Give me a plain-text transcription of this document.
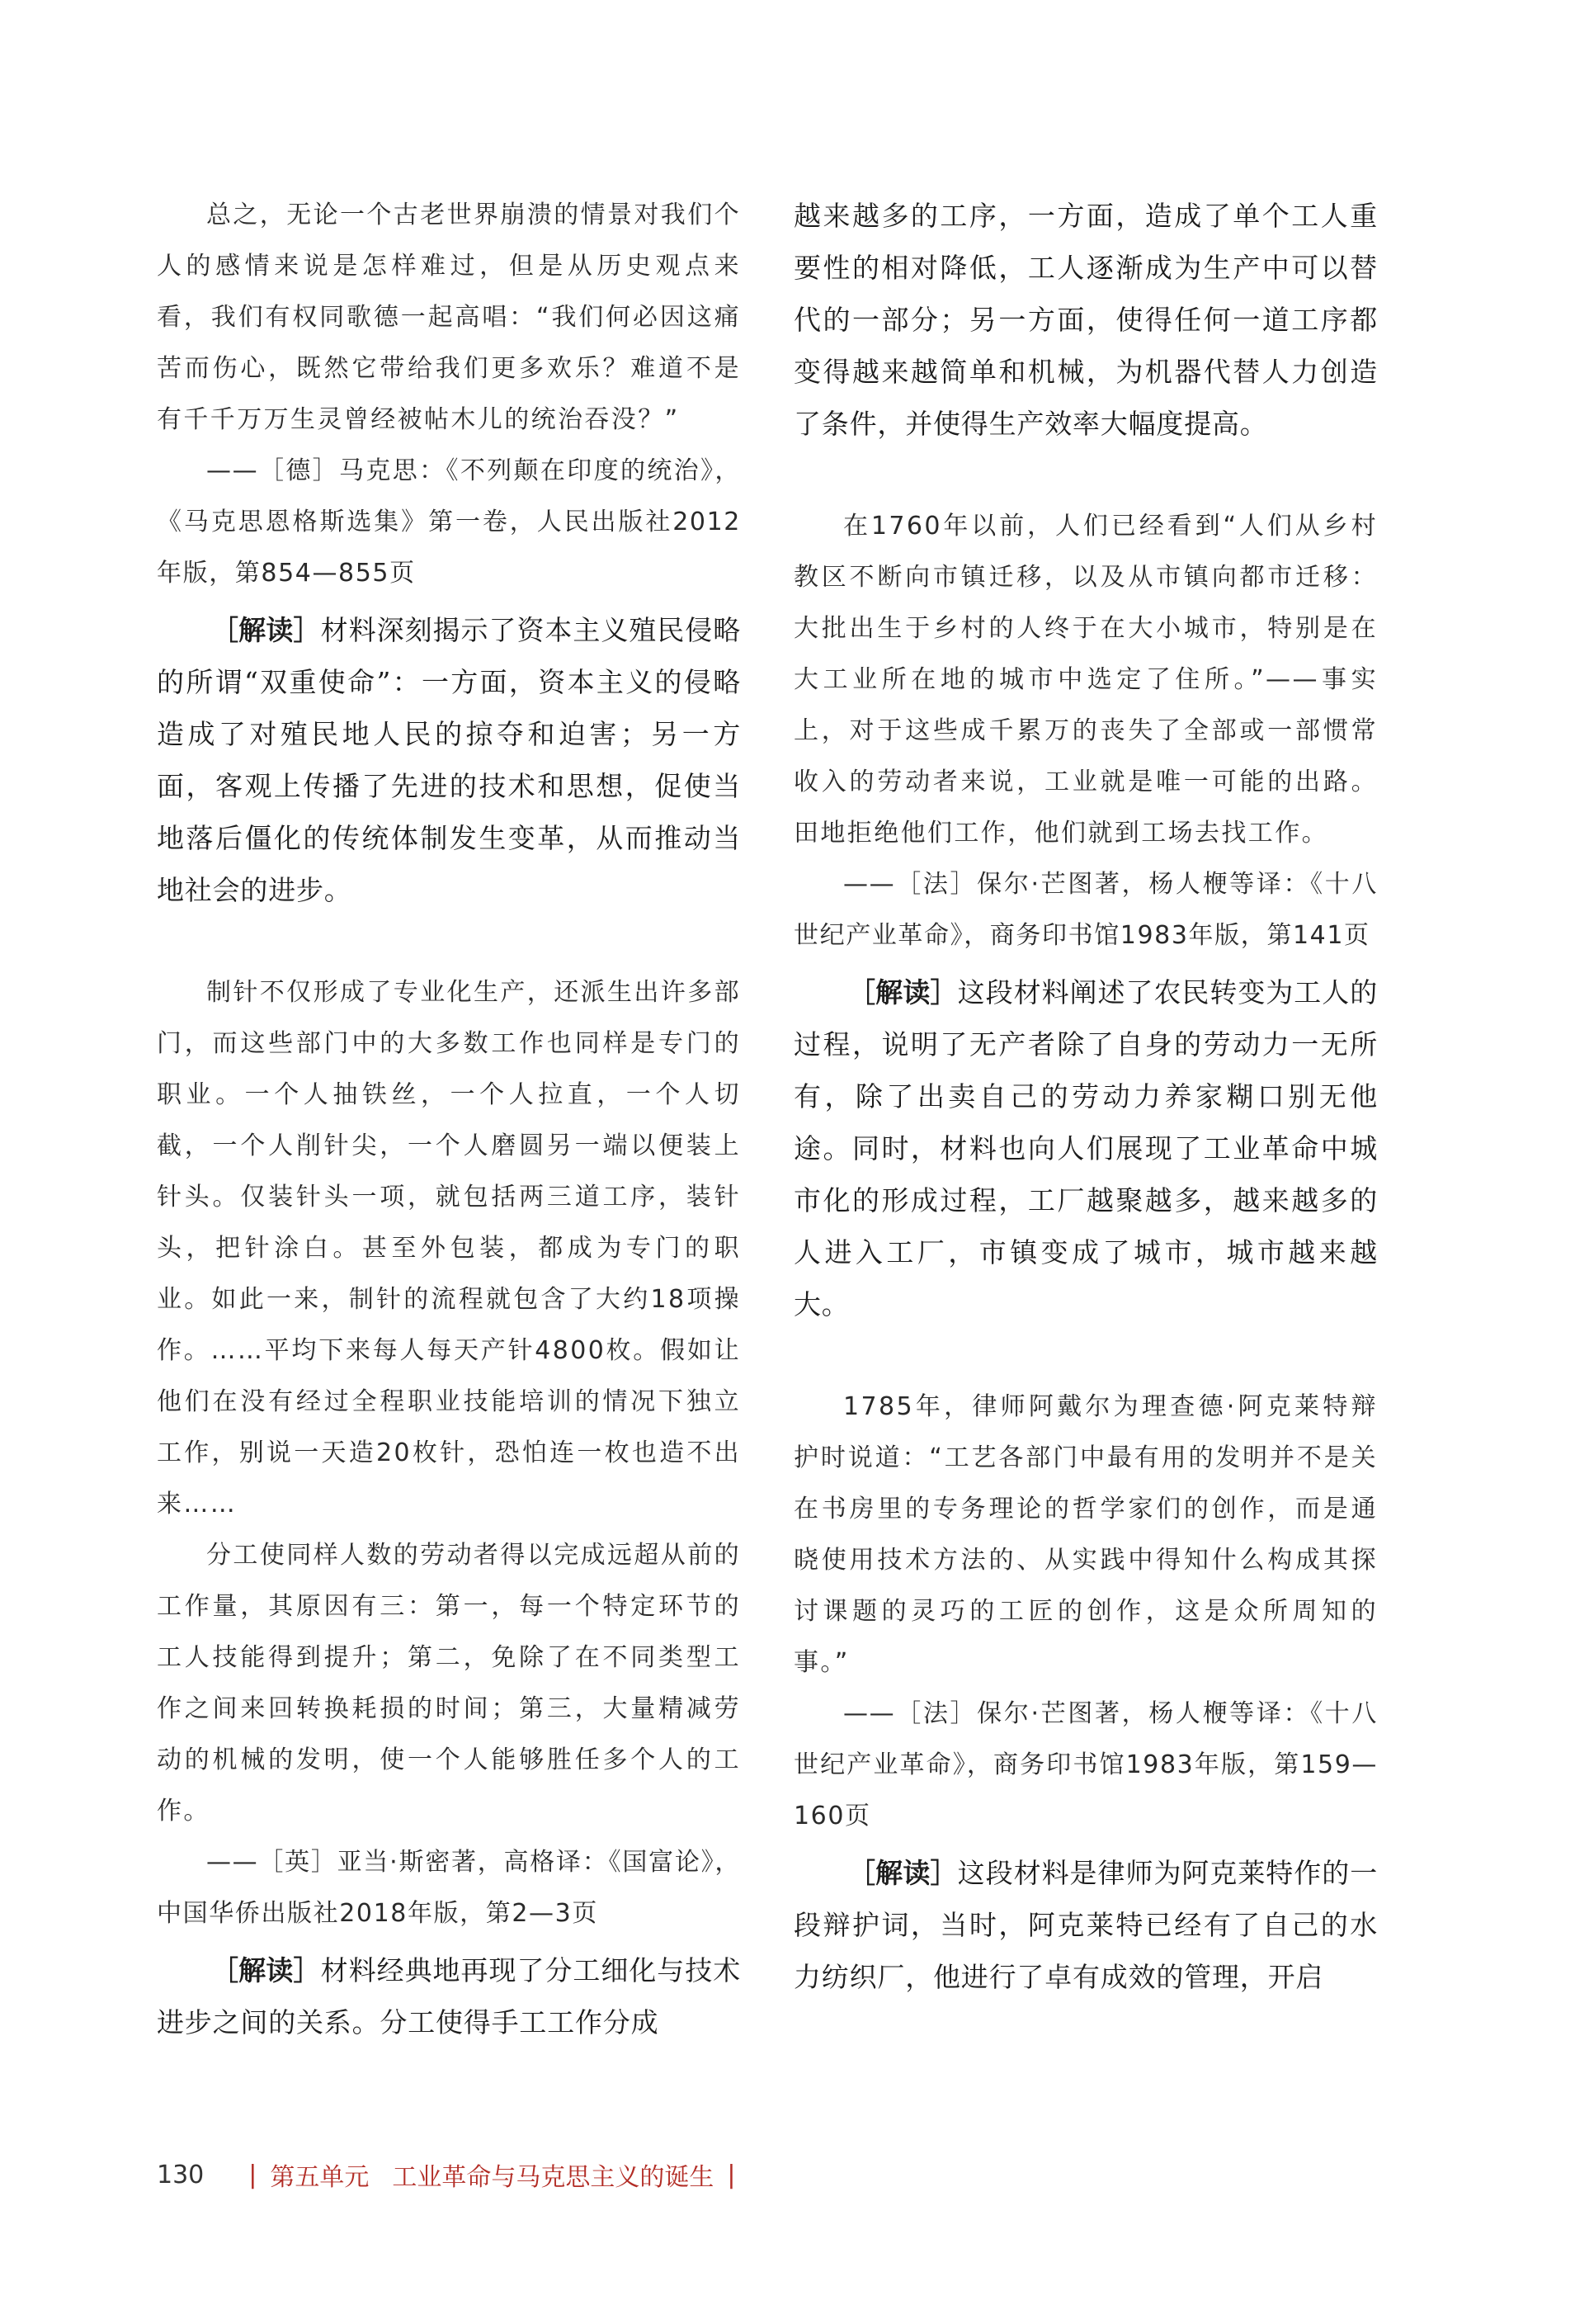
总之，无论一个古老世界崩溃的情景对我们个人的感情来说是怎样难过，但是从历史观点来看，我们有权同歌德一起高唱：“我们何必因这痛苦而伤心，既然它带给我们更多欢乐？难道不是有千千万万生灵曾经被帖木儿的统治吞没？”

——［德］马克思：《不列颠在印度的统治》，《马克思恩格斯选集》第一卷，人民出版社2012年版，第854—855页

［解读］材料深刻揭示了资本主义殖民侵略的所谓“双重使命”：一方面，资本主义的侵略造成了对殖民地人民的掠夺和迫害；另一方面，客观上传播了先进的技术和思想，促使当地落后僵化的传统体制发生变革，从而推动当地社会的进步。

制针不仅形成了专业化生产，还派生出许多部门，而这些部门中的大多数工作也同样是专门的职业。一个人抽铁丝，一个人拉直，一个人切截，一个人削针尖，一个人磨圆另一端以便装上针头。仅装针头一项，就包括两三道工序，装针头，把针涂白。甚至外包装，都成为专门的职业。如此一来，制针的流程就包含了大约18项操作。……平均下来每人每天产针4800枚。假如让他们在没有经过全程职业技能培训的情况下独立工作，别说一天造20枚针，恐怕连一枚也造不出来……

分工使同样人数的劳动者得以完成远超从前的工作量，其原因有三：第一，每一个特定环节的工人技能得到提升；第二，免除了在不同类型工作之间来回转换耗损的时间；第三，大量精减劳动的机械的发明，使一个人能够胜任多个人的工作。

——［英］亚当·斯密著，高格译：《国富论》，中国华侨出版社2018年版，第2—3页

［解读］材料经典地再现了分工细化与技术进步之间的关系。分工使得手工工作分成

越来越多的工序，一方面，造成了单个工人重要性的相对降低，工人逐渐成为生产中可以替代的一部分；另一方面，使得任何一道工序都变得越来越简单和机械，为机器代替人力创造了条件，并使得生产效率大幅度提高。

在1760年以前，人们已经看到“人们从乡村教区不断向市镇迁移，以及从市镇向都市迁移：大批出生于乡村的人终于在大小城市，特别是在大工业所在地的城市中选定了住所。”——事实上，对于这些成千累万的丧失了全部或一部惯常收入的劳动者来说，工业就是唯一可能的出路。田地拒绝他们工作，他们就到工场去找工作。

——［法］保尔·芒图著，杨人楩等译：《十八世纪产业革命》，商务印书馆1983年版，第141页

［解读］这段材料阐述了农民转变为工人的过程，说明了无产者除了自身的劳动力一无所有，除了出卖自己的劳动力养家糊口别无他途。同时，材料也向人们展现了工业革命中城市化的形成过程，工厂越聚越多，越来越多的人进入工厂，市镇变成了城市，城市越来越大。

1785年，律师阿戴尔为理查德·阿克莱特辩护时说道：“工艺各部门中最有用的发明并不是关在书房里的专务理论的哲学家们的创作，而是通晓使用技术方法的、从实践中得知什么构成其探讨课题的灵巧的工匠的创作，这是众所周知的事。”

——［法］保尔·芒图著，杨人楩等译：《十八世纪产业革命》，商务印书馆1983年版，第159—160页

［解读］这段材料是律师为阿克莱特作的一段辩护词，当时，阿克莱特已经有了自己的水力纺织厂，他进行了卓有成效的管理，开启

130 | 第五单元 工业革命与马克思主义的诞生 |
